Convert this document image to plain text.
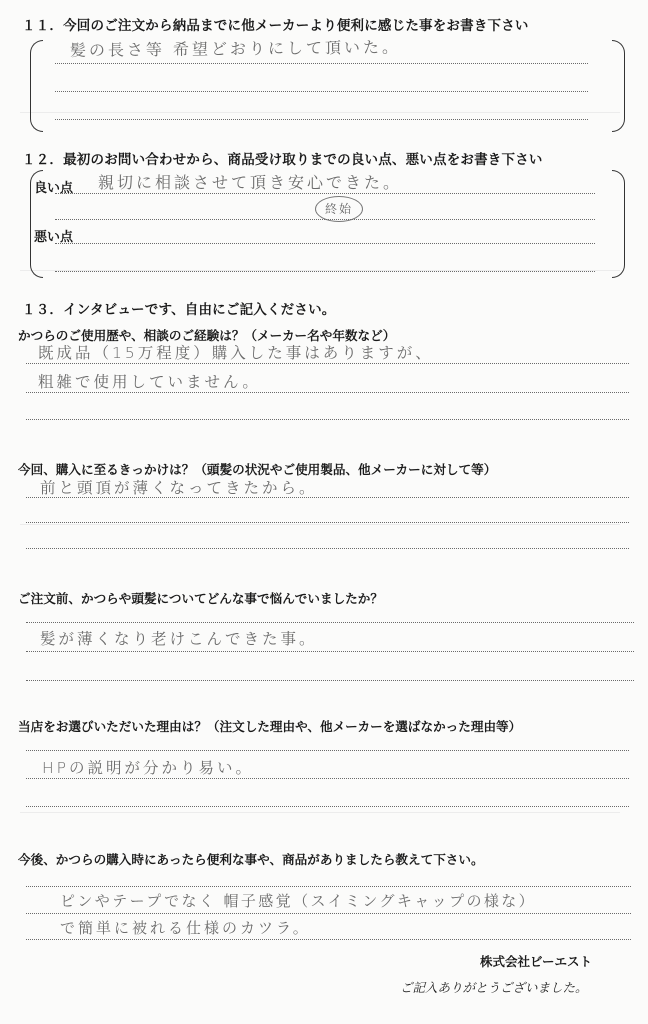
１１．今回のご注文から納品までに他メーカーより便利に感じた事をお書き下さい
髪の長さ等 希望どおりにして頂いた。
１２．最初のお問い合わせから、商品受け取りまでの良い点、悪い点をお書き下さい
良い点 親切に相談させて頂き安心できた。
終始
悪い点
１３．インタビューです、自由にご記入ください。
かつらのご使用歴や、相談のご経験は？（メーカー名や年数など）
既成品（15万程度）購入した事はありますが、
粗雑で使用していません。
今回、購入に至るきっかけは？（頭髪の状況やご使用製品、他メーカーに対して等）
前と頭頂が薄くなってきたから。
ご注文前、かつらや頭髪についてどんな事で悩んでいましたか？
髪が薄くなり老けこんできた事。
当店をお選びいただいた理由は？（注文した理由や、他メーカーを選ばなかった理由等）
HPの説明が分かり易い。
今後、かつらの購入時にあったら便利な事や、商品がありましたら教えて下さい。
ピンやテープでなく 帽子感覚（スイミングキャップの様な）
で簡単に被れる仕様のカツラ。
株式会社ビーエスト
ご記入ありがとうございました。
